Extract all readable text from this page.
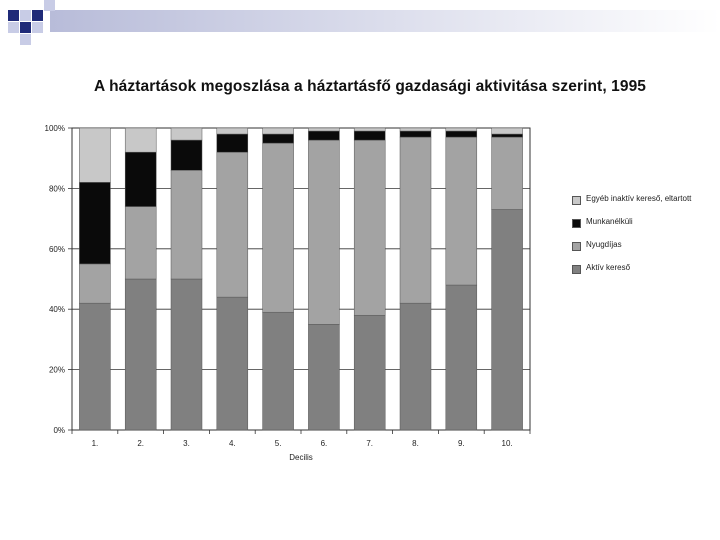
A háztartások megoszlása a háztartásfő gazdasági aktivitása szerint, 1995
0%
20%
40%
60%
80%
100%
1.	2.	3.	4.	5.	6.	7.	8.	9.	10.
Decilis
Egyéb inaktív kereső, eltartott
Munkanélküli
Nyugdíjas
Aktív kereső
